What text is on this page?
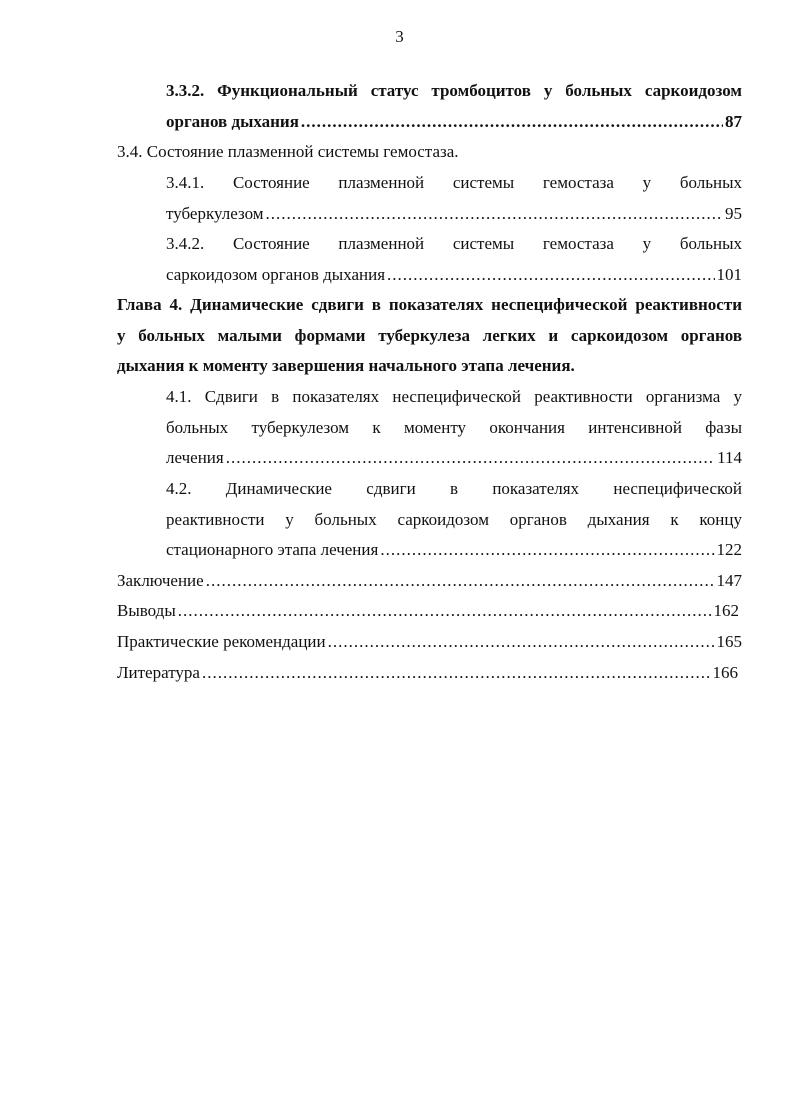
3
3.3.2. Функциональный статус тромбоцитов у больных саркоидозом
органов дыхания .....	87
3.4. Состояние плазменной системы гемостаза.
3.4.1. Состояние плазменной системы гемостаза у больных
туберкулезом .....	95
3.4.2. Состояние плазменной системы гемостаза у больных
саркоидозом органов дыхания .....	101
Глава 4. Динамические сдвиги в показателях неспецифической реактивности
у больных малыми формами туберкулеза легких и саркоидозом органов
дыхания к моменту завершения начального этапа лечения.
4.1. Сдвиги в показателях неспецифической реактивности организма у
больных туберкулезом к моменту окончания интенсивной фазы
лечения .....	114
4.2. Динамические сдвиги в показателях неспецифической
реактивности у больных саркоидозом органов дыхания к концу
стационарного этапа лечения .....	122
Заключение .....	147
Выводы .....	162
Практические рекомендации .....	165
Литература .....	166
